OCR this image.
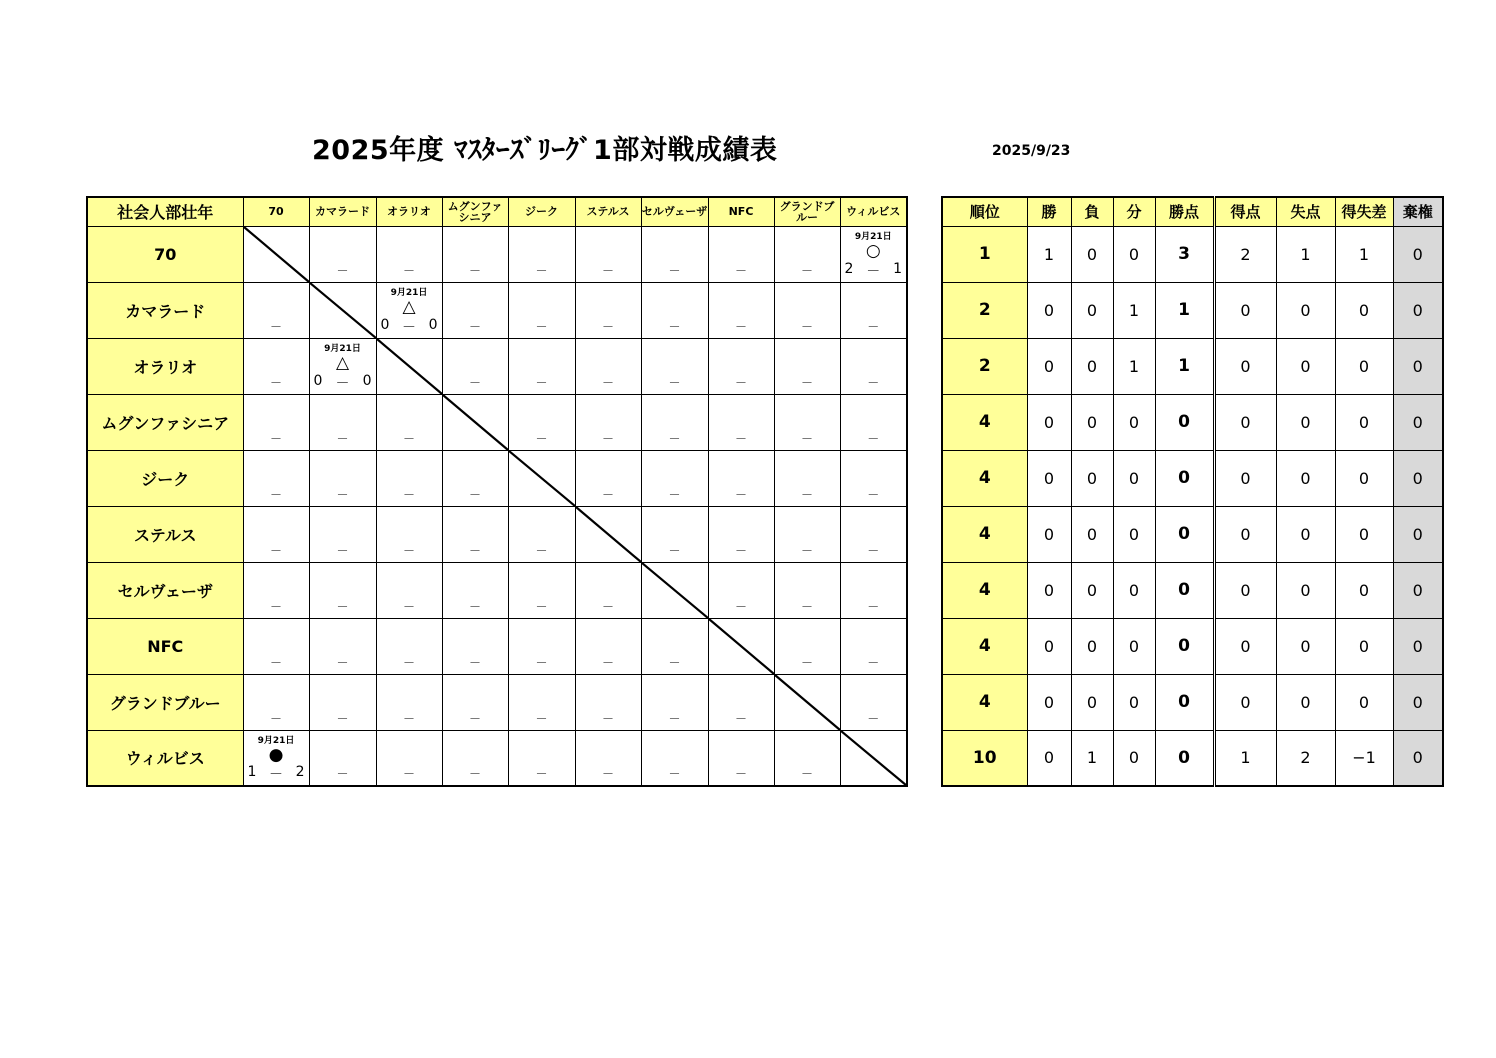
2025年度 ﾏｽﾀｰｽﾞﾘｰｸﾞ1部対戦成績表	2025/9/23
社会人部壮年	70	カマラード	オラリオ	ムグンファシニア	ジーク	ステルス	セルヴェーザ	NFC	グランドブルー	ウィルビス
70		－	－	－	－	－	－	－	－	9月21日
○
2 － 1

カマラード	－		9月21日
△
0 － 0	－	－	－	－	－	－	－

オラリオ	－	9月21日
△
0 － 0		－	－	－	－	－	－	－

ムグンファシニア	－	－	－		－	－	－	－	－	－

ジーク	－	－	－	－		－	－	－	－	－

ステルス	－	－	－	－	－		－	－	－	－

セルヴェーザ	－	－	－	－	－	－		－	－	－

NFC	－	－	－	－	－	－	－		－	－

グランドブルー	－	－	－	－	－	－	－	－		－

ウィルビス	9月21日
●
1 － 2	－	－	－	－	－	－	－	－

順位	勝	負	分	勝点	得点	失点	得失差	棄権
1	1	0	0	3	2	1	1	0
2	0	0	1	1	0	0	0	0
2	0	0	1	1	0	0	0	0
4	0	0	0	0	0	0	0	0
4	0	0	0	0	0	0	0	0
4	0	0	0	0	0	0	0	0
4	0	0	0	0	0	0	0	0
4	0	0	0	0	0	0	0	0
4	0	0	0	0	0	0	0	0
10	0	1	0	0	1	2	−1	0
